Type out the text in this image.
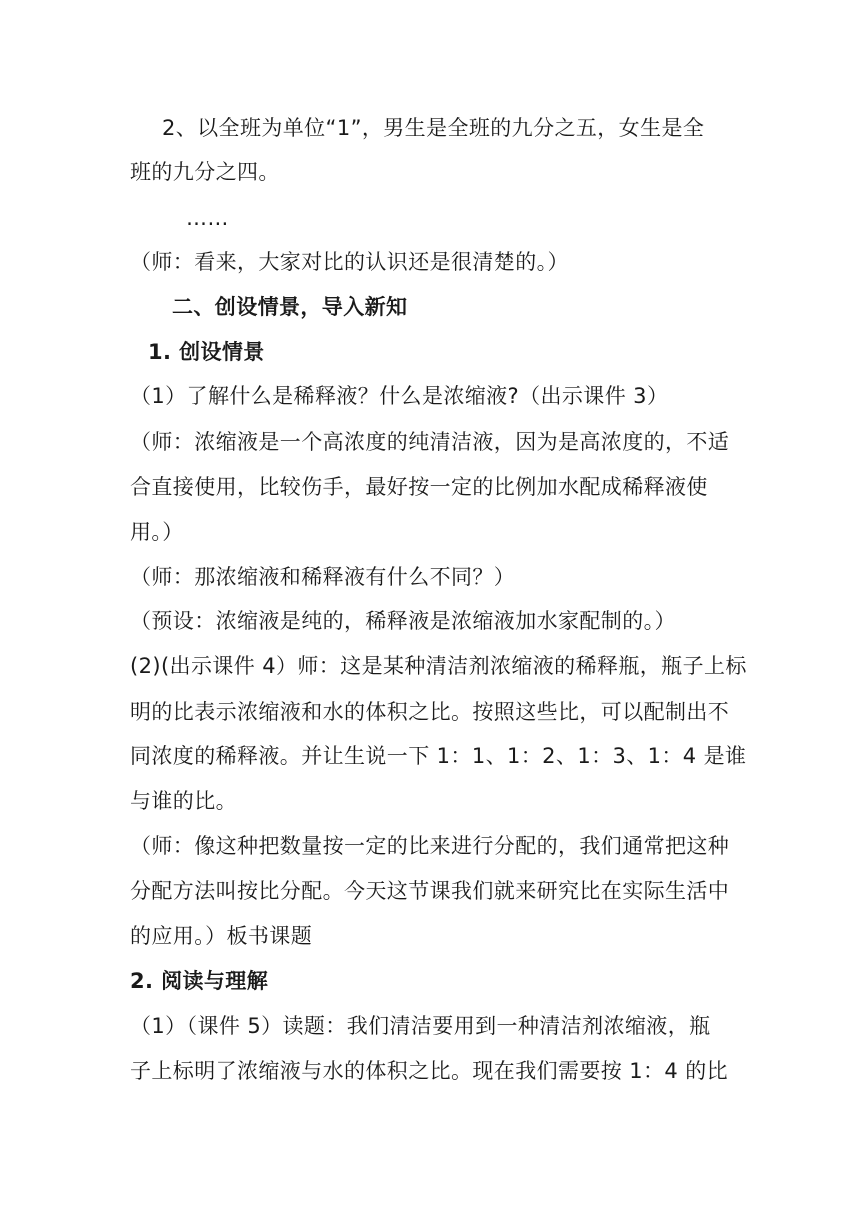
2、以全班为单位“1”，男生是全班的九分之五，女生是全
班的九分之四。
……
（师：看来，大家对比的认识还是很清楚的。）
二、创设情景，导入新知
1. 创设情景
（1）了解什么是稀释液？什么是浓缩液?（出示课件 3）
（师：浓缩液是一个高浓度的纯清洁液，因为是高浓度的，不适
合直接使用，比较伤手，最好按一定的比例加水配成稀释液使
用。）
（师：那浓缩液和稀释液有什么不同？）
（预设：浓缩液是纯的，稀释液是浓缩液加水家配制的。）
(2)(出示课件 4）师：这是某种清洁剂浓缩液的稀释瓶，瓶子上标
明的比表示浓缩液和水的体积之比。按照这些比，可以配制出不
同浓度的稀释液。并让生说一下 1：1、1：2、1：3、1：4 是谁
与谁的比。
（师：像这种把数量按一定的比来进行分配的，我们通常把这种
分配方法叫按比分配。今天这节课我们就来研究比在实际生活中
的应用。）板书课题
2. 阅读与理解
（1）（课件 5）读题：我们清洁要用到一种清洁剂浓缩液，瓶
子上标明了浓缩液与水的体积之比。现在我们需要按 1：4 的比
